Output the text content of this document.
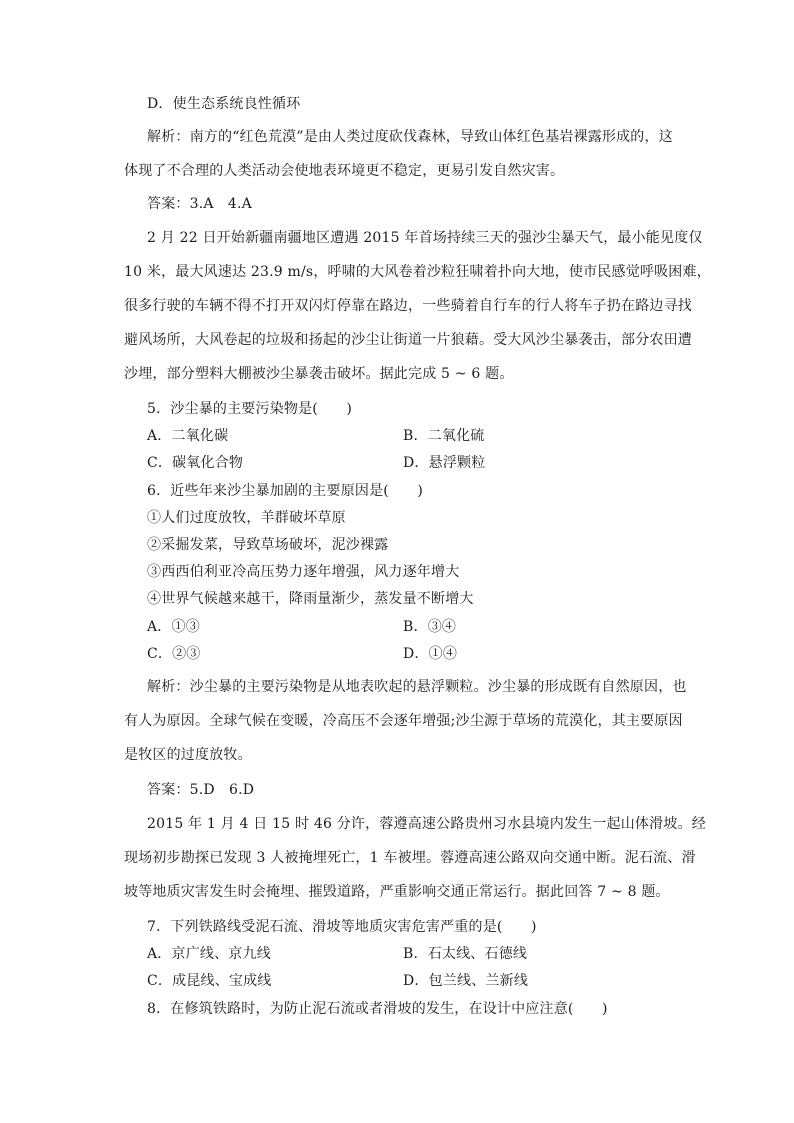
D．使生态系统良性循环
解析：南方的“红色荒漠”是由人类过度砍伐森林，导致山体红色基岩裸露形成的，这
体现了不合理的人类活动会使地表环境更不稳定，更易引发自然灾害。
答案：3.A　4.A
2 月 22 日开始新疆南疆地区遭遇 2015 年首场持续三天的强沙尘暴天气，最小能见度仅
10 米，最大风速达 23.9 m/s，呼啸的大风卷着沙粒狂啸着扑向大地，使市民感觉呼吸困难，
很多行驶的车辆不得不打开双闪灯停靠在路边，一些骑着自行车的行人将车子扔在路边寻找
避风场所，大风卷起的垃圾和扬起的沙尘让街道一片狼藉。受大风沙尘暴袭击，部分农田遭
沙埋，部分塑料大棚被沙尘暴袭击破坏。据此完成 5 ~ 6 题。
5．沙尘暴的主要污染物是(　　)
A．二氧化碳	B．二氧化硫
C．碳氧化合物	D．悬浮颗粒
6．近些年来沙尘暴加剧的主要原因是(　　)
①人们过度放牧，羊群破坏草原
②采掘发菜，导致草场破坏，泥沙裸露
③西西伯利亚冷高压势力逐年增强，风力逐年增大
④世界气候越来越干，降雨量渐少，蒸发量不断增大
A．①③	B．③④
C．②③	D．①④
解析：沙尘暴的主要污染物是从地表吹起的悬浮颗粒。沙尘暴的形成既有自然原因，也
有人为原因。全球气候在变暖，冷高压不会逐年增强;沙尘源于草场的荒漠化，其主要原因
是牧区的过度放牧。
答案：5.D　6.D
2015 年 1 月 4 日 15 时 46 分许，蓉遵高速公路贵州习水县境内发生一起山体滑坡。经
现场初步勘探已发现 3 人被掩埋死亡，1 车被埋。蓉遵高速公路双向交通中断。泥石流、滑
坡等地质灾害发生时会掩埋、摧毁道路，严重影响交通正常运行。据此回答 7 ~ 8 题。
7．下列铁路线受泥石流、滑坡等地质灾害危害严重的是(　　)
A．京广线、京九线	B．石太线、石德线
C．成昆线、宝成线	D．包兰线、兰新线
8．在修筑铁路时，为防止泥石流或者滑坡的发生，在设计中应注意(　　)
